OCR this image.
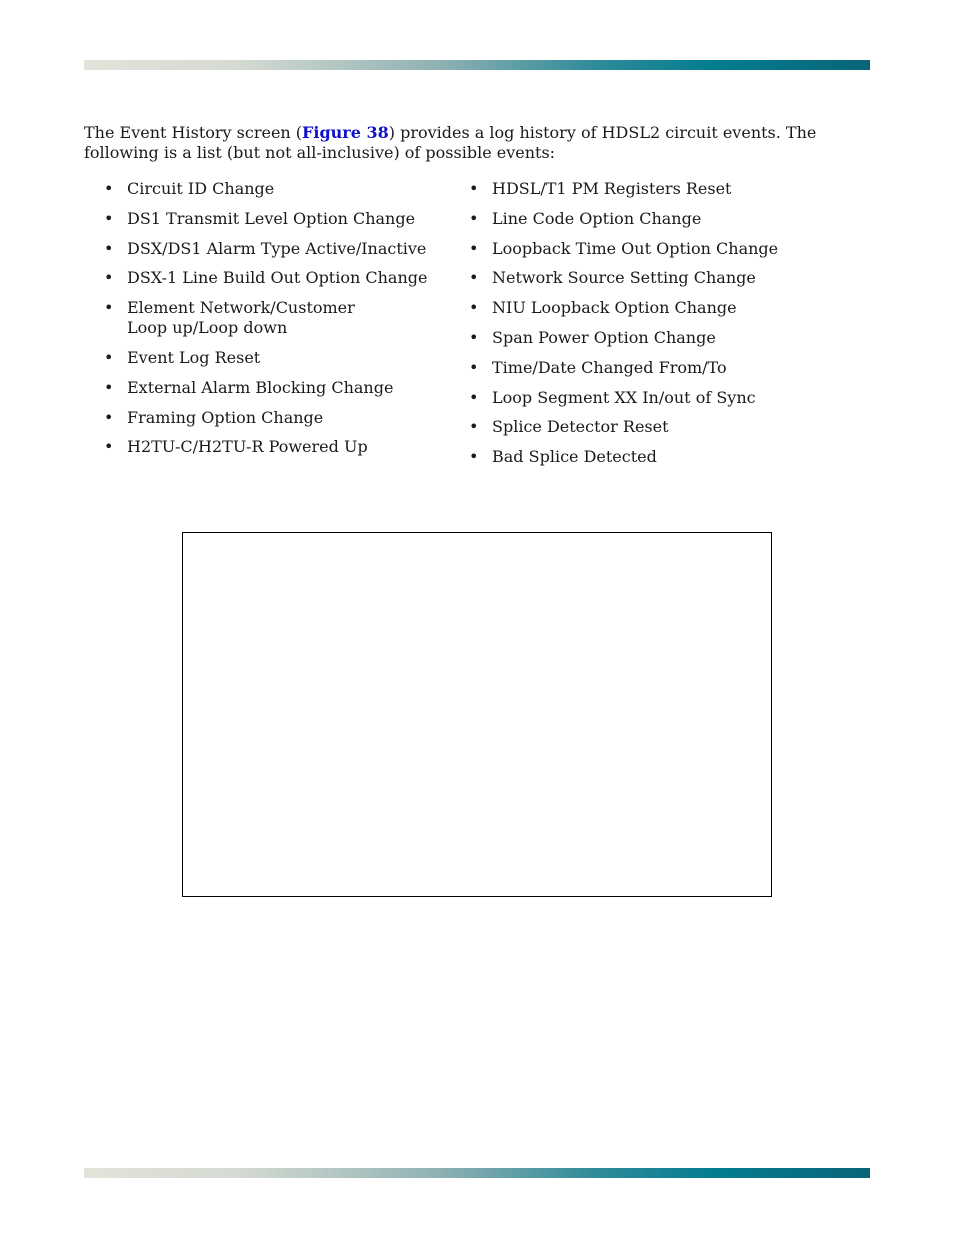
The Event History screen (Figure 38) provides a log history of HDSL2 circuit events. The following is a list (but not all-inclusive) of possible events:

• Circuit ID Change
• DS1 Transmit Level Option Change
• DSX/DS1 Alarm Type Active/Inactive
• DSX-1 Line Build Out Option Change
• Element Network/Customer
Loop up/Loop down
• Event Log Reset
• External Alarm Blocking Change
• Framing Option Change
• H2TU-C/H2TU-R Powered Up
• HDSL/T1 PM Registers Reset
• Line Code Option Change
• Loopback Time Out Option Change
• Network Source Setting Change
• NIU Loopback Option Change
• Span Power Option Change
• Time/Date Changed From/To
• Loop Segment XX In/out of Sync
• Splice Detector Reset
• Bad Splice Detected
